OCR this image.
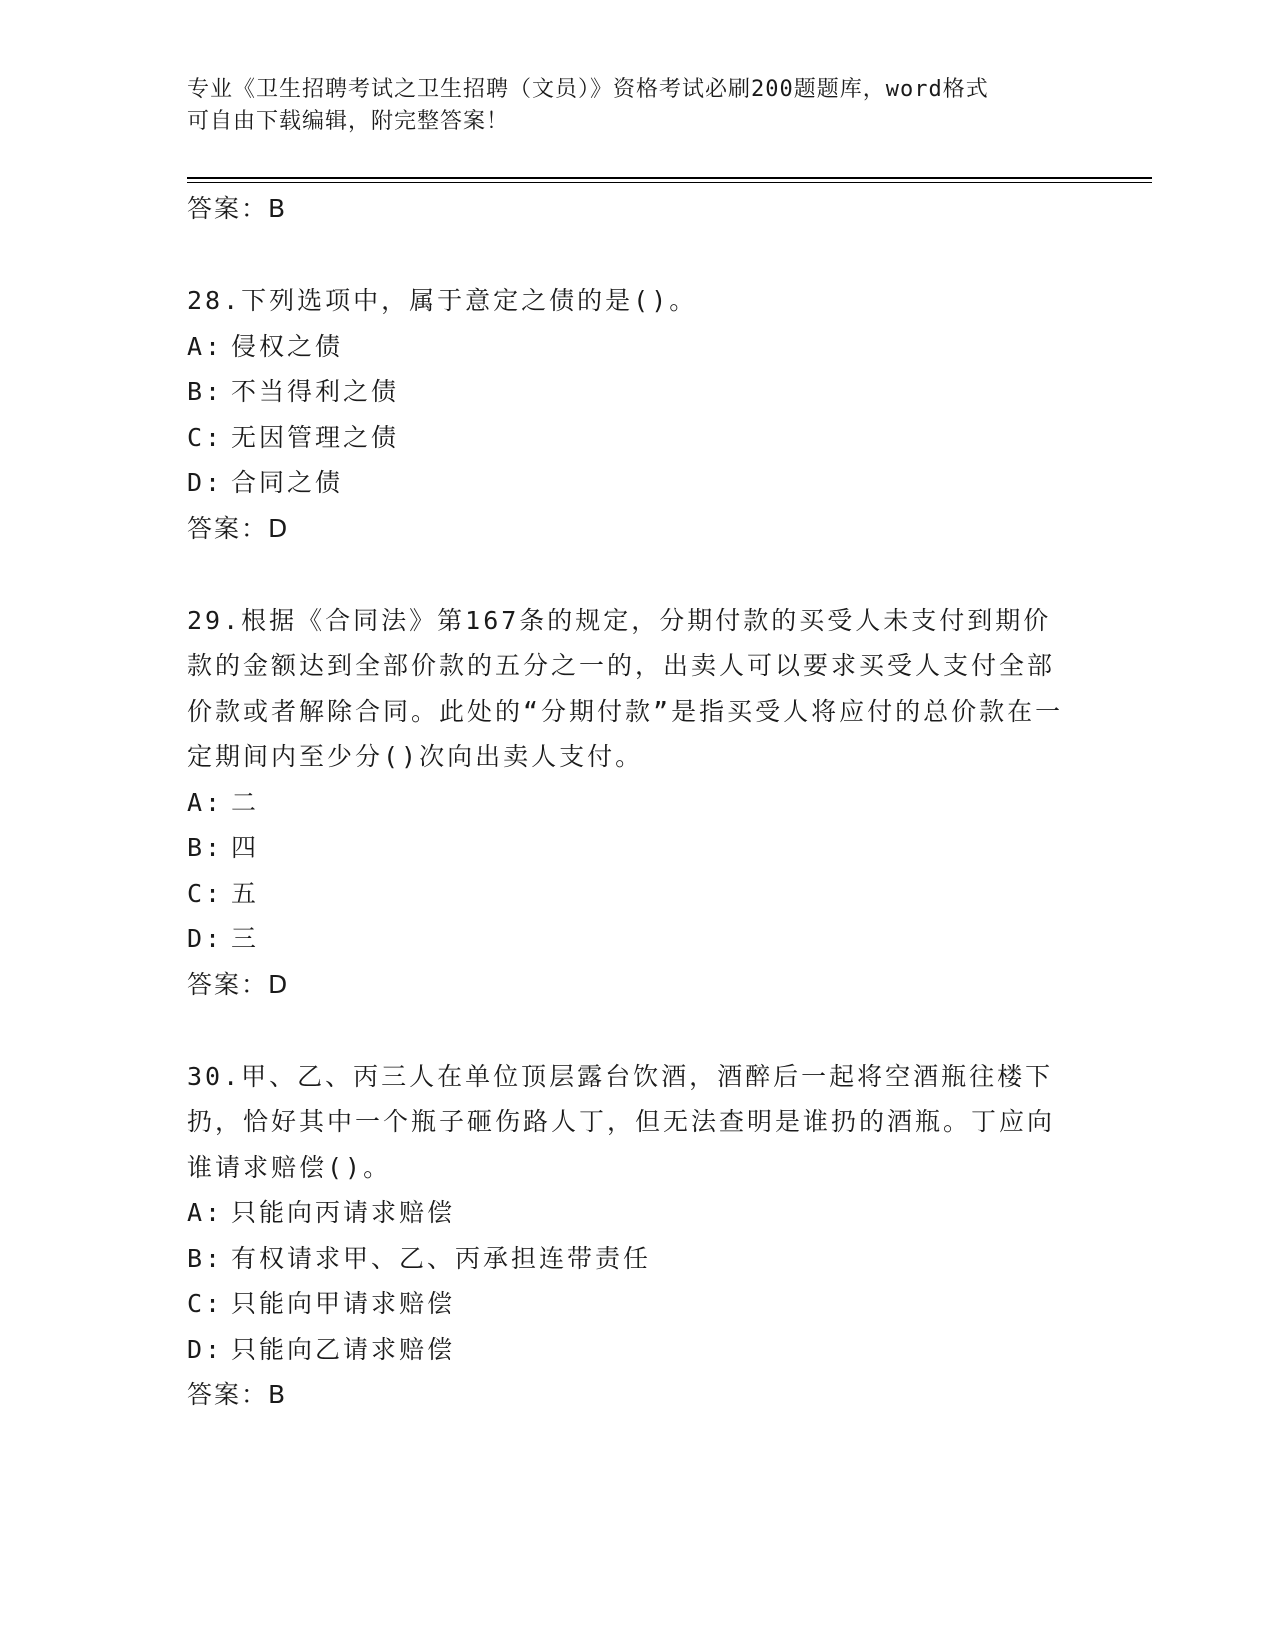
专业《卫生招聘考试之卫生招聘（文员）》资格考试必刷200题题库，word格式
可自由下载编辑，附完整答案！

答案：B

28.下列选项中，属于意定之债的是()。

A: 侵权之债
B: 不当得利之债
C: 无因管理之债
D: 合同之债

答案：D

29.根据《合同法》第167条的规定，分期付款的买受人未支付到期价款的金额达到全部价款的五分之一的，出卖人可以要求买受人支付全部价款或者解除合同。此处的“分期付款”是指买受人将应付的总价款在一定期间内至少分()次向出卖人支付。

A: 二
B: 四
C: 五
D: 三

答案：D

30.甲、乙、丙三人在单位顶层露台饮酒，酒醉后一起将空酒瓶往楼下扔，恰好其中一个瓶子砸伤路人丁，但无法查明是谁扔的酒瓶。丁应向谁请求赔偿()。

A: 只能向丙请求赔偿
B: 有权请求甲、乙、丙承担连带责任
C: 只能向甲请求赔偿
D: 只能向乙请求赔偿

答案：B
